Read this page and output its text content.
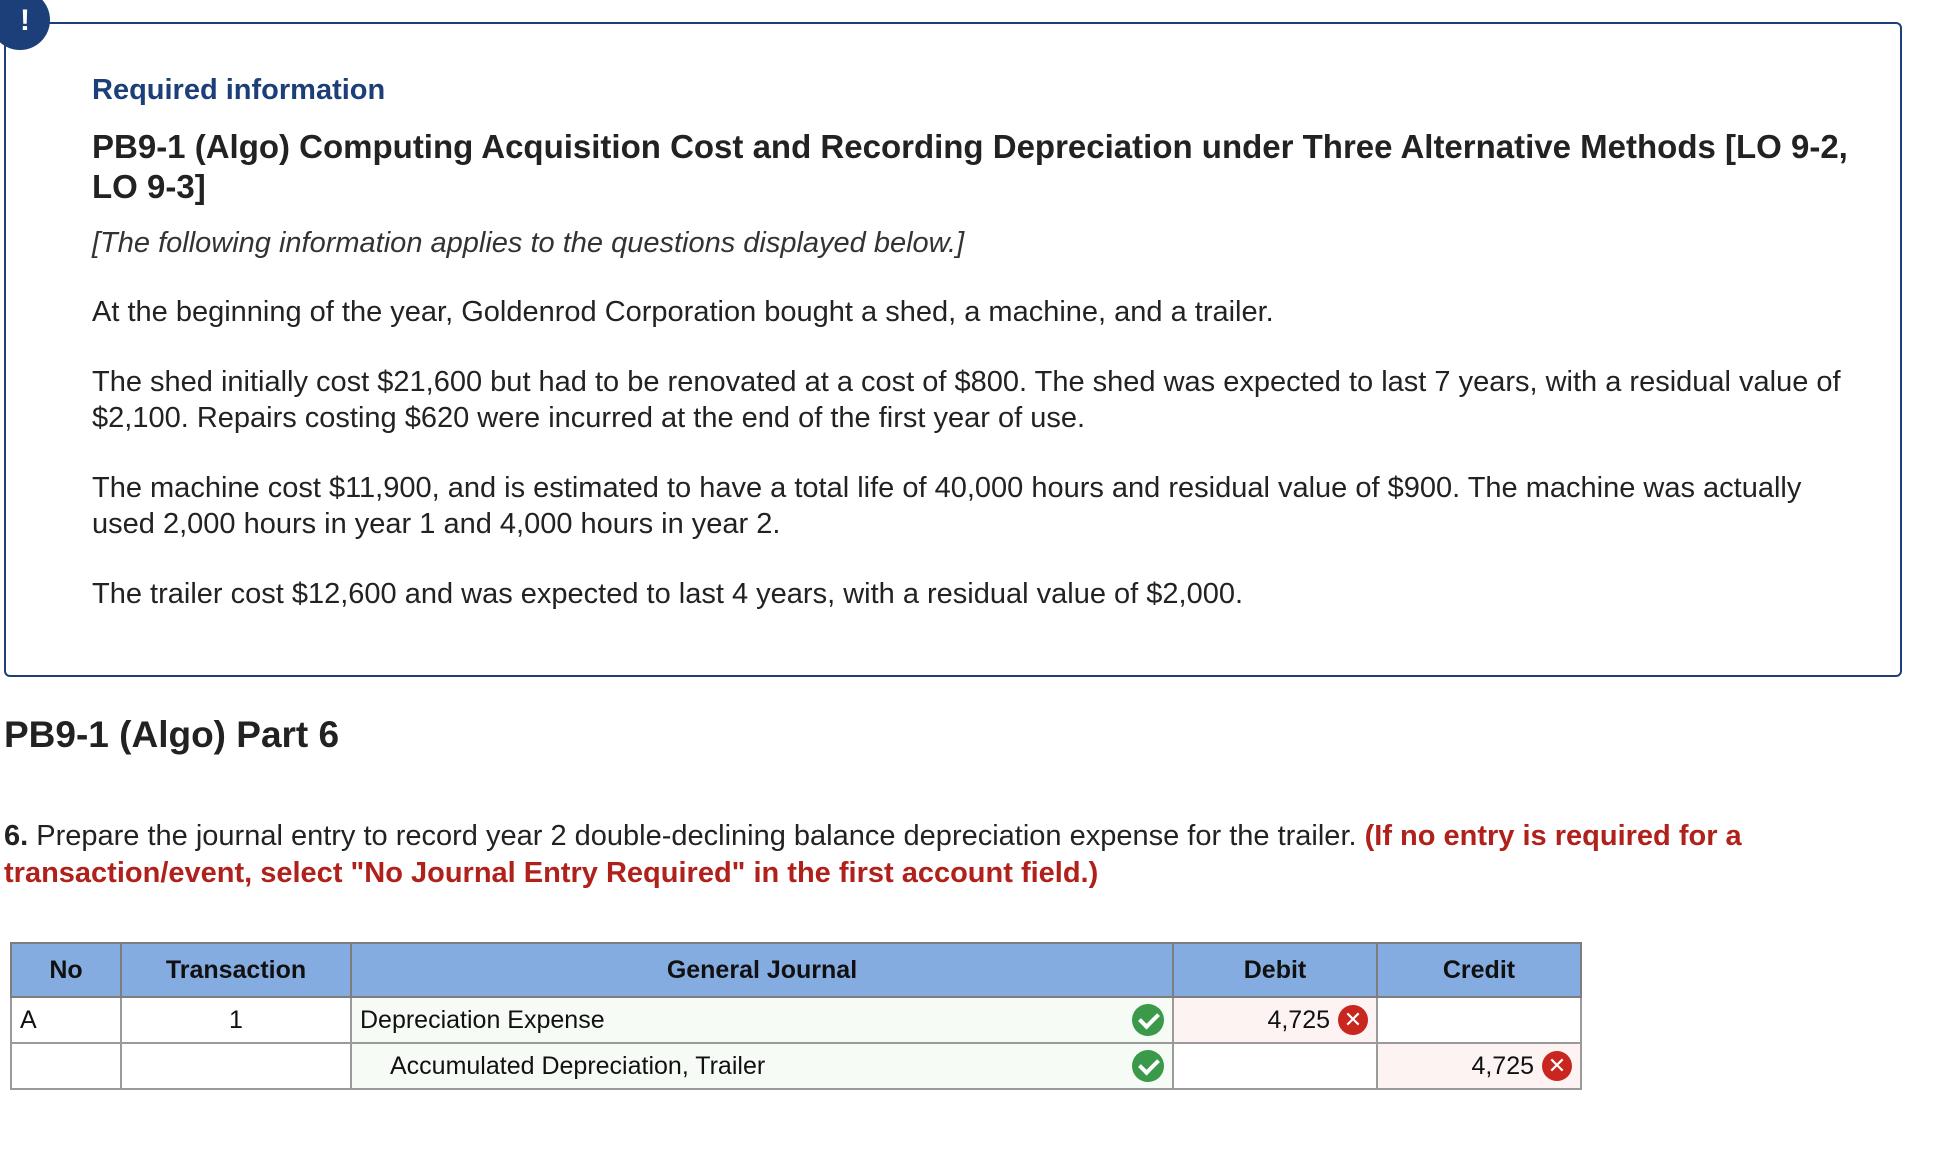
!

Required information

PB9-1 (Algo) Computing Acquisition Cost and Recording Depreciation under Three Alternative Methods [LO 9-2, LO 9-3]

[The following information applies to the questions displayed below.]

At the beginning of the year, Goldenrod Corporation bought a shed, a machine, and a trailer.

The shed initially cost $21,600 but had to be renovated at a cost of $800. The shed was expected to last 7 years, with a residual value of $2,100. Repairs costing $620 were incurred at the end of the first year of use.

The machine cost $11,900, and is estimated to have a total life of 40,000 hours and residual value of $900. The machine was actually used 2,000 hours in year 1 and 4,000 hours in year 2.

The trailer cost $12,600 and was expected to last 4 years, with a residual value of $2,000.

PB9-1 (Algo) Part 6

6. Prepare the journal entry to record year 2 double-declining balance depreciation expense for the trailer. (If no entry is required for a transaction/event, select "No Journal Entry Required" in the first account field.)

No	Transaction	General Journal	Debit	Credit
A	1	Depreciation Expense	4,725 ✕	
		Accumulated Depreciation, Trailer		4,725 ✕
